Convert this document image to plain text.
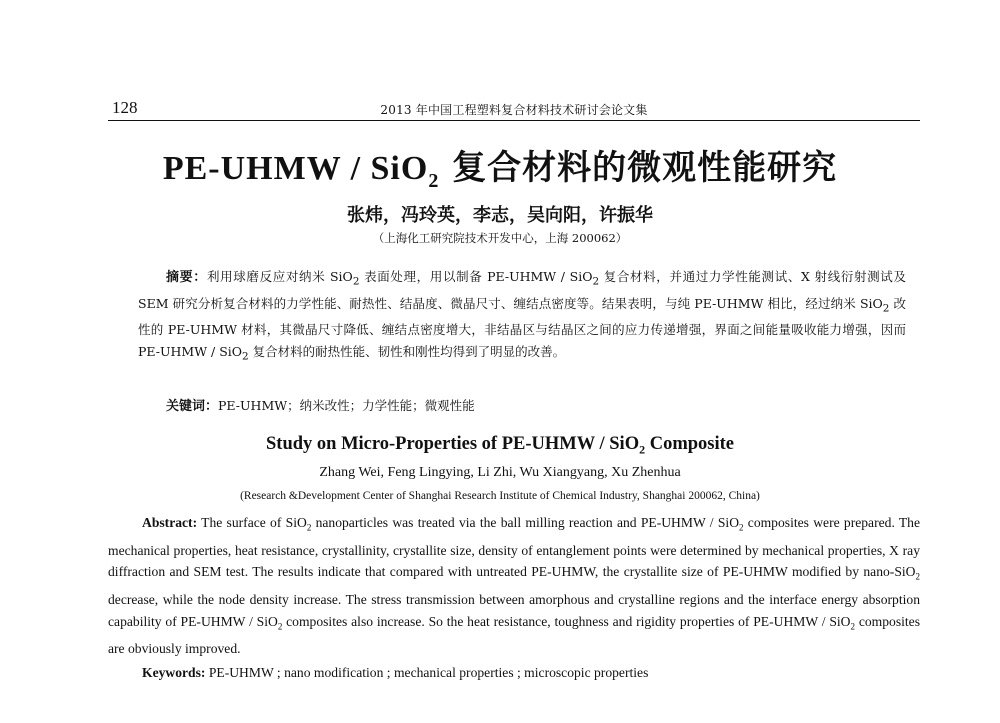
128	2013 年中国工程塑料复合材料技术研讨会论文集
PE-UHMW / SiO$_2$ 复合材料的微观性能研究
张炜，冯玲英，李志，吴向阳，许振华
（上海化工研究院技术开发中心，上海 200062）
摘要：利用球磨反应对纳米 SiO$_2$ 表面处理，用以制备 PE-UHMW / SiO$_2$ 复合材料，并通过力学性能测试、X 射线衍射测试及 SEM 研究分析复合材料的力学性能、耐热性、结晶度、微晶尺寸、缠结点密度等。结果表明，与纯 PE-UHMW 相比，经过纳米 SiO$_2$ 改性的 PE-UHMW 材料，其微晶尺寸降低、缠结点密度增大，非结晶区与结晶区之间的应力传递增强，界面之间能量吸收能力增强，因而 PE-UHMW / SiO$_2$ 复合材料的耐热性能、韧性和刚性均得到了明显的改善。
关键词：PE-UHMW；纳米改性；力学性能；微观性能
Study on Micro-Properties of PE-UHMW / SiO$_2$ Composite
Zhang Wei, Feng Lingying, Li Zhi, Wu Xiangyang, Xu Zhenhua
(Research &Development Center of Shanghai Research Institute of Chemical Industry, Shanghai 200062, China)
Abstract: The surface of SiO$_2$ nanoparticles was treated via the ball milling reaction and PE-UHMW / SiO$_2$ composites were prepared. The mechanical properties, heat resistance, crystallinity, crystallite size, density of entanglement points were determined by mechanical properties, X ray diffraction and SEM test. The results indicate that compared with untreated PE-UHMW, the crystallite size of PE-UHMW modified by nano-SiO$_2$ decrease, while the node density increase. The stress transmission between amorphous and crystalline regions and the interface energy absorption capability of PE-UHMW / SiO$_2$ composites also increase. So the heat resistance, toughness and rigidity properties of PE-UHMW / SiO$_2$ composites are obviously improved.
Keywords: PE-UHMW ; nano modification ; mechanical properties ; microscopic properties
